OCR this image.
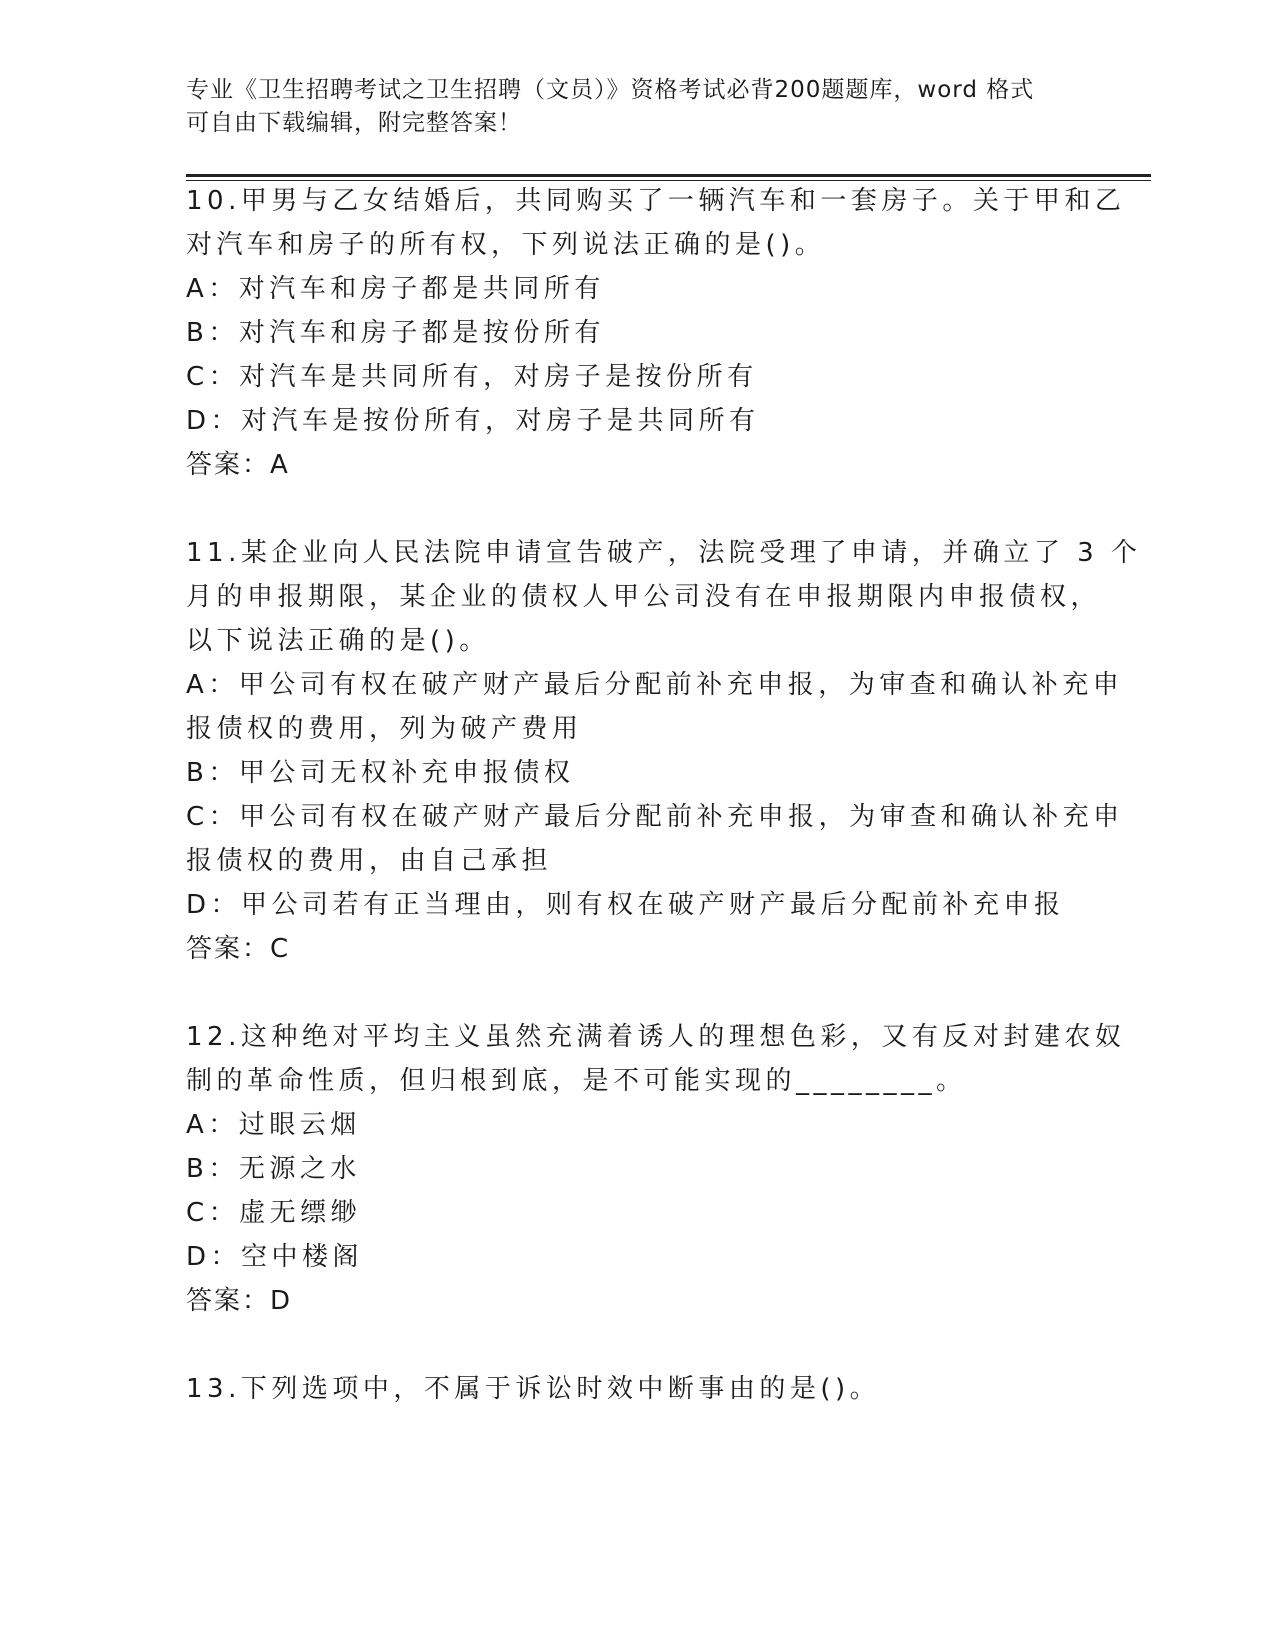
专业《卫生招聘考试之卫生招聘（文员）》资格考试必背200题题库，word 格式
可自由下载编辑，附完整答案！
10.甲男与乙女结婚后，共同购买了一辆汽车和一套房子。关于甲和乙
对汽车和房子的所有权，下列说法正确的是()。
A：对汽车和房子都是共同所有
B：对汽车和房子都是按份所有
C：对汽车是共同所有，对房子是按份所有
D：对汽车是按份所有，对房子是共同所有
答案：A
11.某企业向人民法院申请宣告破产，法院受理了申请，并确立了 3 个
月的申报期限，某企业的债权人甲公司没有在申报期限内申报债权，
以下说法正确的是()。
A：甲公司有权在破产财产最后分配前补充申报，为审查和确认补充申
报债权的费用，列为破产费用
B：甲公司无权补充申报债权
C：甲公司有权在破产财产最后分配前补充申报，为审查和确认补充申
报债权的费用，由自己承担
D：甲公司若有正当理由，则有权在破产财产最后分配前补充申报
答案：C
12.这种绝对平均主义虽然充满着诱人的理想色彩，又有反对封建农奴
制的革命性质，但归根到底，是不可能实现的________。
A：过眼云烟
B：无源之水
C：虚无缥缈
D：空中楼阁
答案：D
13.下列选项中，不属于诉讼时效中断事由的是()。
